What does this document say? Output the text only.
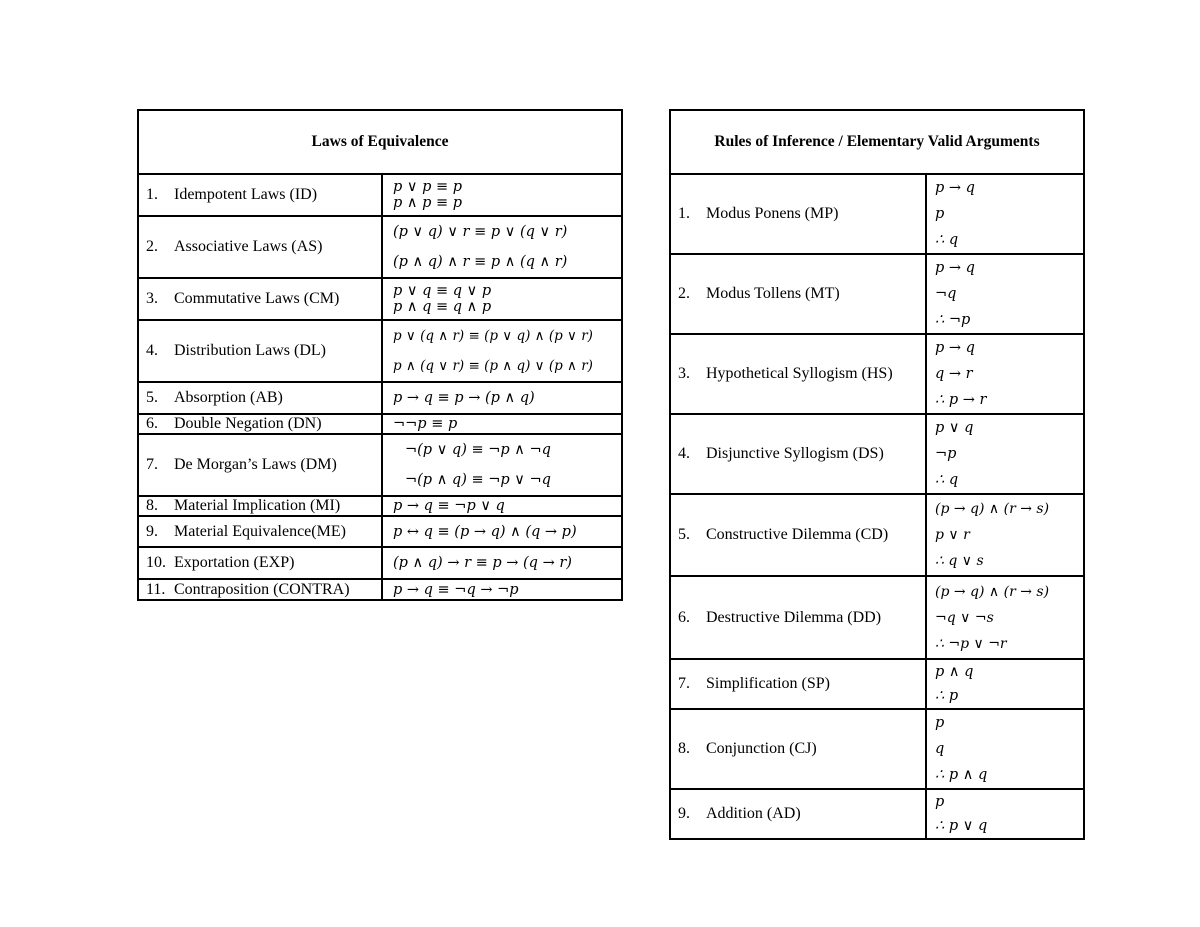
Laws of Equivalence	
1. Idempotent Laws (ID)	p ∨ p ≡ p
p ∧ p ≡ p

2. Associative Laws (AS)	(p ∨ q) ∨ r ≡ p ∨ (q ∨ r)
(p ∧ q) ∧ r ≡ p ∧ (q ∧ r)

3. Commutative Laws (CM)	p ∨ q ≡ q ∨ p
p ∧ q ≡ q ∧ p

4. Distribution Laws (DL)	p ∨ (q ∧ r) ≡ (p ∨ q) ∧ (p ∨ r)
p ∧ (q ∨ r) ≡ (p ∧ q) ∨ (p ∧ r)

5. Absorption (AB)	p → q ≡ p → (p ∧ q)

6. Double Negation (DN)	¬¬p ≡ p

7. De Morgan’s Laws (DM)	¬(p ∨ q) ≡ ¬p ∧ ¬q
¬(p ∧ q) ≡ ¬p ∨ ¬q

8. Material Implication (MI)	p → q ≡ ¬p ∨ q

9. Material Equivalence(ME)	p ↔ q ≡ (p → q) ∧ (q → p)

10. Exportation (EXP)	(p ∧ q) → r ≡ p → (q → r)

11. Contraposition (CONTRA)	p → q ≡ ¬q → ¬p
Rules of Inference / Elementary Valid Arguments	
1. Modus Ponens (MP)	p → q
p
∴ q

2. Modus Tollens (MT)	p → q
¬q
∴ ¬p

3. Hypothetical Syllogism (HS)	p → q
q → r
∴ p → r

4. Disjunctive Syllogism (DS)	p ∨ q
¬p
∴ q

5. Constructive Dilemma (CD)	(p → q) ∧ (r → s)
p ∨ r
∴ q ∨ s

6. Destructive Dilemma (DD)	(p → q) ∧ (r → s)
¬q ∨ ¬s
∴ ¬p ∨ ¬r

7. Simplification (SP)	p ∧ q
∴ p

8. Conjunction (CJ)	p
q
∴ p ∧ q

9. Addition (AD)	p
∴ p ∨ q
